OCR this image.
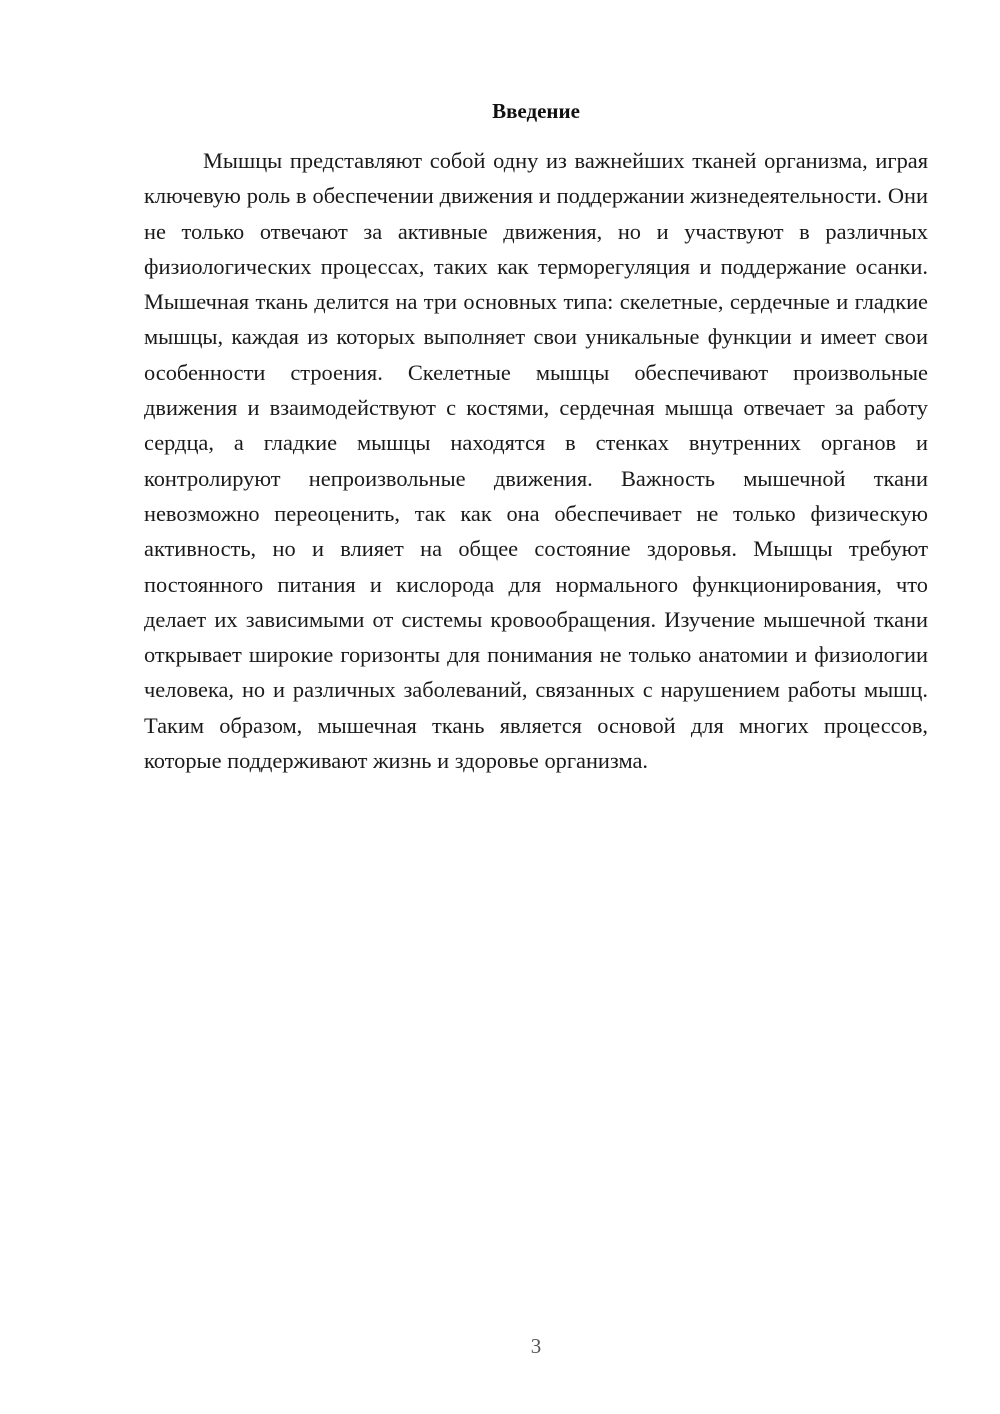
Введение

Мышцы представляют собой одну из важнейших тканей организма, играя ключевую роль в обеспечении движения и поддержании жизнедеятельности. Они не только отвечают за активные движения, но и участвуют в различных физиологических процессах, таких как терморегуляция и поддержание осанки. Мышечная ткань делится на три основных типа: скелетные, сердечные и гладкие мышцы, каждая из которых выполняет свои уникальные функции и имеет свои особенности строения. Скелетные мышцы обеспечивают произвольные движения и взаимодействуют с костями, сердечная мышца отвечает за работу сердца, а гладкие мышцы находятся в стенках внутренних органов и контролируют непроизвольные движения. Важность мышечной ткани невозможно переоценить, так как она обеспечивает не только физическую активность, но и влияет на общее состояние здоровья. Мышцы требуют постоянного питания и кислорода для нормального функционирования, что делает их зависимыми от системы кровообращения. Изучение мышечной ткани открывает широкие горизонты для понимания не только анатомии и физиологии человека, но и различных заболеваний, связанных с нарушением работы мышц. Таким образом, мышечная ткань является основой для многих процессов, которые поддерживают жизнь и здоровье организма.

3
